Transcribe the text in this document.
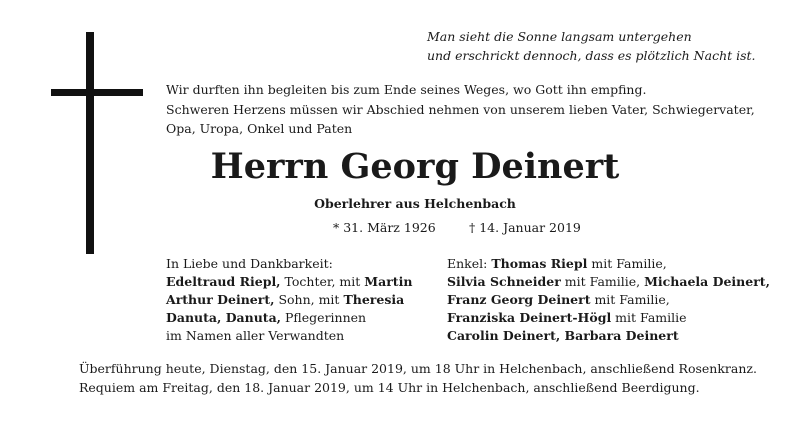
Man sieht die Sonne langsam untergehen
und erschrickt dennoch, dass es plötzlich Nacht ist.
Wir durften ihn begleiten bis zum Ende seines Weges, wo Gott ihn empfing.
Schweren Herzens müssen wir Abschied nehmen von unserem lieben Vater, Schwiegervater,
Opa, Uropa, Onkel und Paten
Herrn Georg Deinert
Oberlehrer aus Helchenbach
* 31. März 1926	† 14. Januar 2019
In Liebe und Dankbarkeit:
Edeltraud Riepl, Tochter, mit Martin
Arthur Deinert, Sohn, mit Theresia
Danuta, Danuta, Pflegerinnen
im Namen aller Verwandten
Enkel: Thomas Riepl mit Familie,
Silvia Schneider mit Familie, Michaela Deinert,
Franz Georg Deinert mit Familie,
Franziska Deinert-Högl mit Familie
Carolin Deinert, Barbara Deinert
Überführung heute, Dienstag, den 15. Januar 2019, um 18 Uhr in Helchenbach, anschließend Rosenkranz.
Requiem am Freitag, den 18. Januar 2019, um 14 Uhr in Helchenbach, anschließend Beerdigung.
